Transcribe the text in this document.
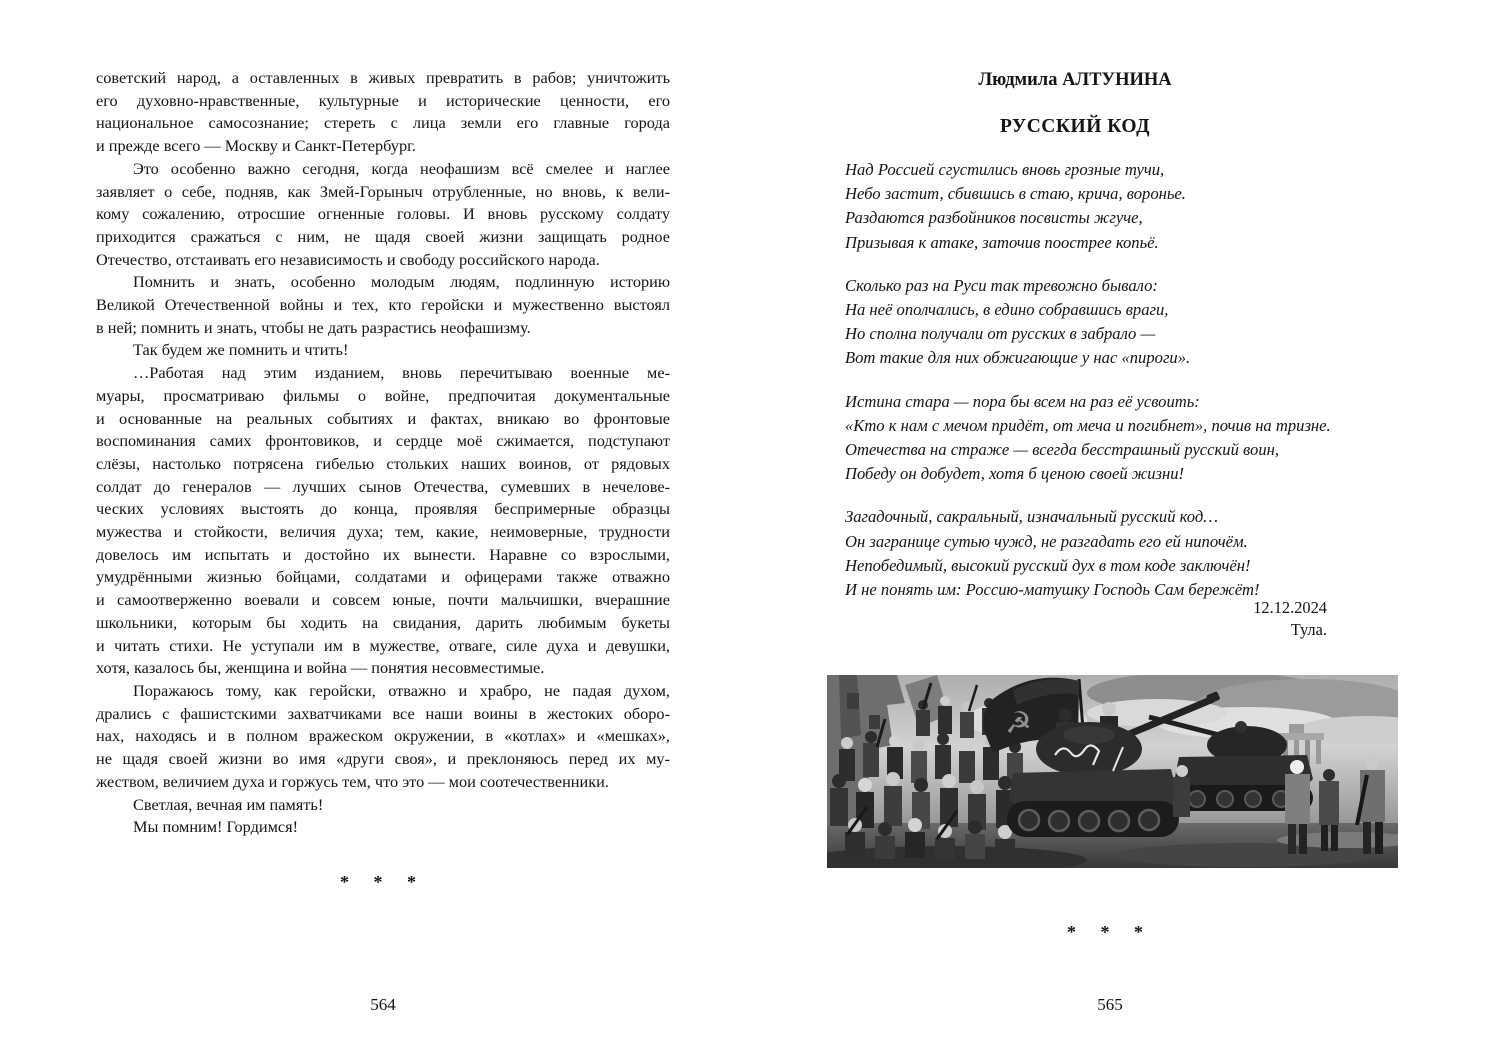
советский народ, а оставленных в живых превратить в рабов; уничтожить
его духовно-нравственные, культурные и исторические ценности, его
национальное самосознание; стереть с лица земли его главные города
и прежде всего — Москву и Санкт-Петербург.
Это особенно важно сегодня, когда неофашизм всё смелее и наглее
заявляет о себе, подняв, как Змей-Горыныч отрубленные, но вновь, к вели-
кому сожалению, отросшие огненные головы. И вновь русскому солдату
приходится сражаться с ним, не щадя своей жизни защищать родное
Отечество, отстаивать его независимость и свободу российского народа.
Помнить и знать, особенно молодым людям, подлинную историю
Великой Отечественной войны и тех, кто геройски и мужественно выстоял
в ней; помнить и знать, чтобы не дать разрастись неофашизму.
Так будем же помнить и чтить!
…Работая над этим изданием, вновь перечитываю военные ме-
муары, просматриваю фильмы о войне, предпочитая документальные
и основанные на реальных событиях и фактах, вникаю во фронтовые
воспоминания самих фронтовиков, и сердце моё сжимается, подступают
слёзы, настолько потрясена гибелью стольких наших воинов, от рядовых
солдат до генералов — лучших сынов Отечества, сумевших в нечелове-
ческих условиях выстоять до конца, проявляя беспримерные образцы
мужества и стойкости, величия духа; тем, какие, неимоверные, трудности
довелось им испытать и достойно их вынести. Наравне со взрослыми,
умудрёнными жизнью бойцами, солдатами и офицерами также отважно
и самоотверженно воевали и совсем юные, почти мальчишки, вчерашние
школьники, которым бы ходить на свидания, дарить любимым букеты
и читать стихи. Не уступали им в мужестве, отваге, силе духа и девушки,
хотя, казалось бы, женщина и война — понятия несовместимые.
Поражаюсь тому, как геройски, отважно и храбро, не падая духом,
дрались с фашистскими захватчиками все наши воины в жестоких оборо-
нах, находясь и в полном вражеском окружении, в «котлах» и «мешках»,
не щадя своей жизни во имя «други своя», и преклоняюсь перед их му-
жеством, величием духа и горжусь тем, что это — мои соотечественники.
Светлая, вечная им память!
Мы помним! Гордимся!
* * *
564
Людмила АЛТУНИНА
РУССКИЙ КОД
Над Россией сгустились вновь грозные тучи,
Небо застит, сбившись в стаю, крича, воронье.
Раздаются разбойников посвисты жгуче,
Призывая к атаке, заточив поострее копьё.
Сколько раз на Руси так тревожно бывало:
На неё ополчались, в едино собравшись враги,
Но сполна получали от русских в забрало —
Вот такие для них обжигающие у нас «пироги».
Истина стара — пора бы всем на раз её усвоить:
«Кто к нам с мечом придёт, от меча и погибнет», почив на тризне.
Отечества на страже — всегда бесстрашный русский воин,
Победу он добудет, хотя б ценою своей жизни!
Загадочный, сакральный, изначальный русский код…
Он загранице сутью чужд, не разгадать его ей нипочём.
Непобедимый, высокий русский дух в том коде заключён!
И не понять им: Россию-матушку Господь Сам бережёт!
12.12.2024
Тула.
☭
* * *
565
